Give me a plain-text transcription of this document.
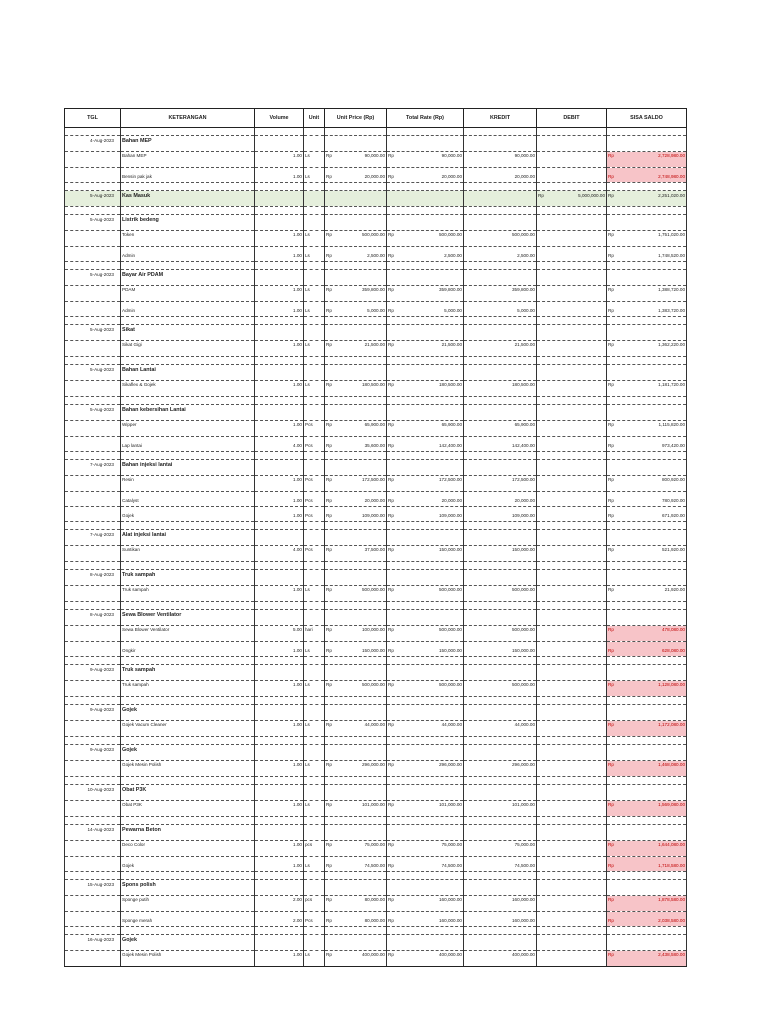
TGL	KETERANGAN	Volume	Unit	Unit Price (Rp)	Total Rate (Rp)	KREDIT	DEBIT	SISA SALDO

4-Aug-2023	Bahan MEP							
	Bahan MEP	1.00	Ls	Rp 90,000.00	Rp 90,000.00	90,000.00		Rp 2,728,980.00

	Bensin pak jak	1.00	Ls	Rp 20,000.00	Rp 20,000.00	20,000.00		Rp 2,748,980.00

5-Aug-2023	Kas Masuk						Rp 5,000,000.00	Rp 2,251,020.00

5-Aug-2023	Listrik bedeng							
	Token	1.00	Ls	Rp 500,000.00	Rp 500,000.00	500,000.00		Rp 1,751,020.00

	Admin	1.00	Ls	Rp 2,500.00	Rp 2,500.00	2,500.00		Rp 1,748,520.00

5-Aug-2023	Bayar Air PDAM							
	PDAM	1.00	Ls	Rp 359,800.00	Rp 359,800.00	359,800.00		Rp 1,388,720.00

	Admin	1.00	Ls	Rp 5,000.00	Rp 5,000.00	5,000.00		Rp 1,383,720.00

5-Aug-2023	Sikat							
	Sikat Gigi	1.00	Ls	Rp 21,500.00	Rp 21,500.00	21,500.00		Rp 1,362,220.00

5-Aug-2023	Bahan Lantai							
	Sikaflex & Gojek	1.00	Ls	Rp 180,500.00	Rp 180,500.00	180,500.00		Rp 1,181,720.00

5-Aug-2023	Bahan kebersihan Lantai							
	Wipper	1.00	Pcs	Rp 65,900.00	Rp 65,900.00	65,900.00		Rp 1,115,820.00

	Lap lantai	4.00	Pcs	Rp 35,600.00	Rp 142,400.00	142,400.00		Rp 973,420.00

7-Aug-2023	Bahan injeksi lantai							
	Resin	1.00	Pcs	Rp 172,500.00	Rp 172,500.00	172,500.00		Rp 800,920.00

	Catalyst	1.00	Pcs	Rp 20,000.00	Rp 20,000.00	20,000.00		Rp 780,920.00

	Gojek	1.00	Pcs	Rp 109,000.00	Rp 109,000.00	109,000.00		Rp 671,920.00

7-Aug-2023	Alat injeksi lantai							
	Suntikan	4.00	Pcs	Rp 37,500.00	Rp 150,000.00	150,000.00		Rp 521,920.00

8-Aug-2023	Truk sampah							
	Truk sampah	1.00	Ls	Rp 500,000.00	Rp 500,000.00	500,000.00		Rp 21,920.00

8-Aug-2023	Sewa Blower Ventilator							
	Sewa Blower Ventilator	5.00	hari	Rp 100,000.00	Rp 500,000.00	500,000.00		Rp 478,080.00

	Ongkir	1.00	Ls	Rp 150,000.00	Rp 150,000.00	150,000.00		Rp 628,080.00

9-Aug-2023	Truk sampah							
	Truk sampah	1.00	Ls	Rp 500,000.00	Rp 500,000.00	500,000.00		Rp 1,128,080.00

9-Aug-2023	Gojek							
	Gojek Vacum Cleaner	1.00	Ls	Rp 44,000.00	Rp 44,000.00	44,000.00		Rp 1,172,080.00

9-Aug-2023	Gojek							
	Gojek Mesin Polish	1.00	Ls	Rp 296,000.00	Rp 296,000.00	296,000.00		Rp 1,468,080.00

10-Aug-2023	Obat P3K							
	Obat P3K	1.00	Ls	Rp 101,000.00	Rp 101,000.00	101,000.00		Rp 1,569,080.00

14-Aug-2023	Pewarna Beton							
	Deco Color	1.00	pcs	Rp 75,000.00	Rp 75,000.00	75,000.00		Rp 1,644,080.00

	Gojek	1.00	Ls	Rp 74,500.00	Rp 74,500.00	74,500.00		Rp 1,718,580.00

15-Aug-2023	Spons polish							
	Sponge putih	2.00	pcs	Rp 80,000.00	Rp 160,000.00	160,000.00		Rp 1,878,580.00

	Sponge merah	2.00	Pcs	Rp 80,000.00	Rp 160,000.00	160,000.00		Rp 2,038,580.00

16-Aug-2023	Gojek							
	Gojek Mesin Polish	1.00	Ls	Rp 400,000.00	Rp 400,000.00	400,000.00		Rp 2,438,580.00
